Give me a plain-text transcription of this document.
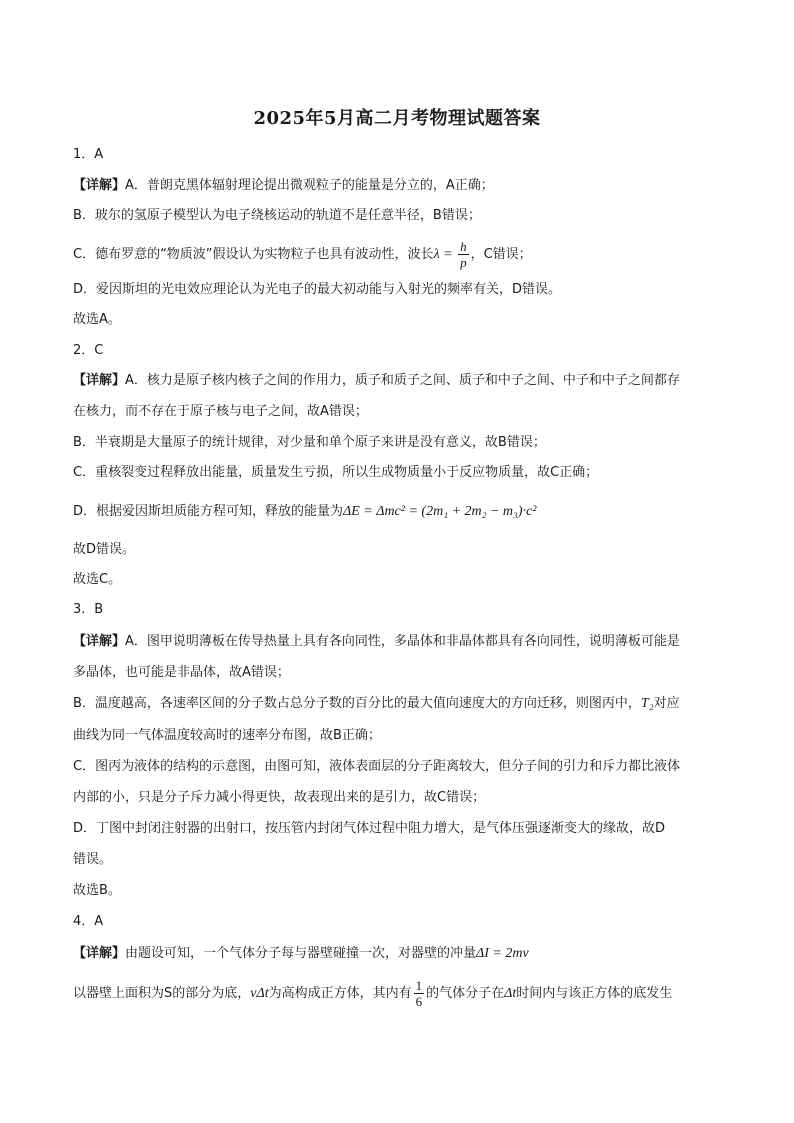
2025年5月高二月考物理试题答案
1．A
【详解】A．普朗克黑体辐射理论提出微观粒子的能量是分立的，A正确；
B．玻尔的氢原子模型认为电子绕核运动的轨道不是任意半径，B错误；
C．德布罗意的“物质波”假设认为实物粒子也具有波动性，波长$\lambda = \frac{h}{p}$ ，C错误；
D．爱因斯坦的光电效应理论认为光电子的最大初动能与入射光的频率有关，D错误。
故选A。
2．C
【详解】A．核力是原子核内核子之间的作用力，质子和质子之间、质子和中子之间、中子和中子之间都存
在核力，而不存在于原子核与电子之间，故A错误；
B．半衰期是大量原子的统计规律，对少量和单个原子来讲是没有意义，故B错误；
C．重核裂变过程释放出能量，质量发生亏损，所以生成物质量小于反应物质量，故C正确；
D．根据爱因斯坦质能方程可知，释放的能量为ΔE = Δmc² = (2m₁ + 2m₂ − m₃)·c²
故D错误。
故选C。
3．B
【详解】A．图甲说明薄板在传导热量上具有各向同性，多晶体和非晶体都具有各向同性，说明薄板可能是
多晶体，也可能是非晶体，故A错误；
B．温度越高，各速率区间的分子数占总分子数的百分比的最大值向速度大的方向迁移，则图丙中，T₂对应
曲线为同一气体温度较高时的速率分布图，故B正确；
C．图丙为液体的结构的示意图，由图可知，液体表面层的分子距离较大，但分子间的引力和斥力都比液体
内部的小，只是分子斥力减小得更快，故表现出来的是引力，故C错误；
D．丁图中封闭注射器的出射口，按压管内封闭气体过程中阻力增大，是气体压强逐渐变大的缘故，故D
错误。
故选B。
4．A
【详解】由题设可知，一个气体分子每与器壁碰撞一次，对器壁的冲量ΔI = 2mv
以器壁上面积为S的部分为底，vΔt为高构成正方体，其内有 $\frac{1}{6}$ 的气体分子在Δt时间内与该正方体的底发生
